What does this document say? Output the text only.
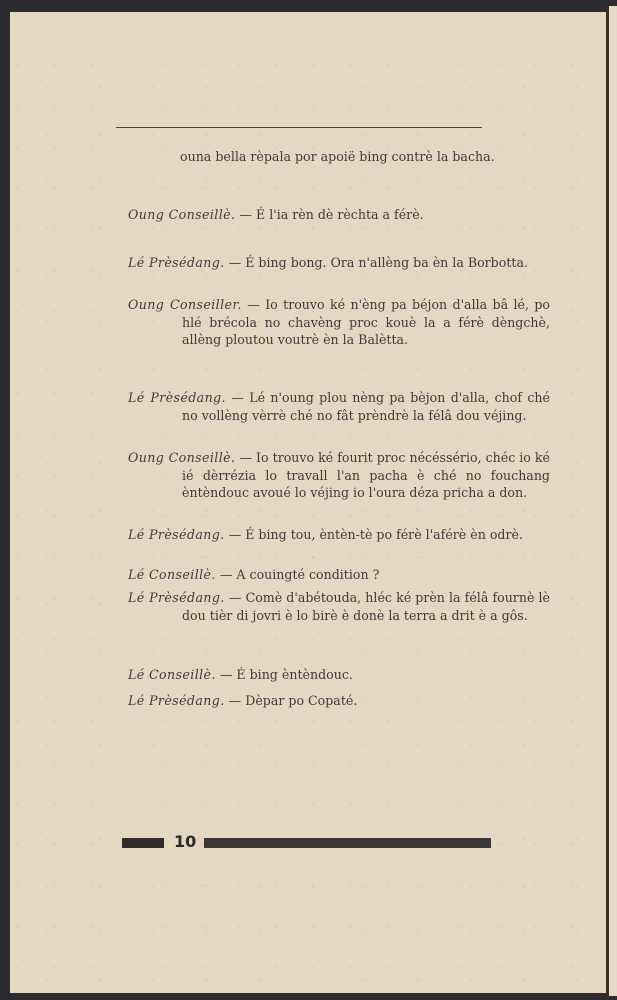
ouna bella rèpala por apoië bing contrè la bacha.
Oung Conseillè. — É l'ia rèn dè rèchta a férè.
Lé Prèsédang. — É bing bong. Ora n'allèng ba èn la Borbotta.
Oung Conseiller. — Io trouvo ké n'èng pa béjon d'alla bâ lé, po hlé brécola no chavèng proc kouè la a férè dèngchè, allèng ploutou voutrè èn la Balètta.
Lé Prèsédang. — Lé n'oung plou nèng pa bèjon d'alla, chof ché no vollèng vèrrè ché no fât prèndrè la félâ dou véjing.
Oung Conseillè. — Io trouvo ké fourit proc nécéssério, chéc io ké ié dèrrézia lo travall l'an pacha è ché no fouchang èntèndouc avoué lo véjing io l'oura déza pricha a don.
Lé Prèsédang. — É bing tou, èntèn-tè po férè l'aférè èn odrè.
Lé Conseillè. — A couingté condition ?
Lé Prèsédang. — Comè d'abétouda, hléc ké prèn la félâ fournè lè dou tièr di jovri è lo birè è donè la terra a drit è a gôs.
Lé Conseillè. — É bing èntèndouc.
Lé Prèsédang. — Dèpar po Copaté.
10
